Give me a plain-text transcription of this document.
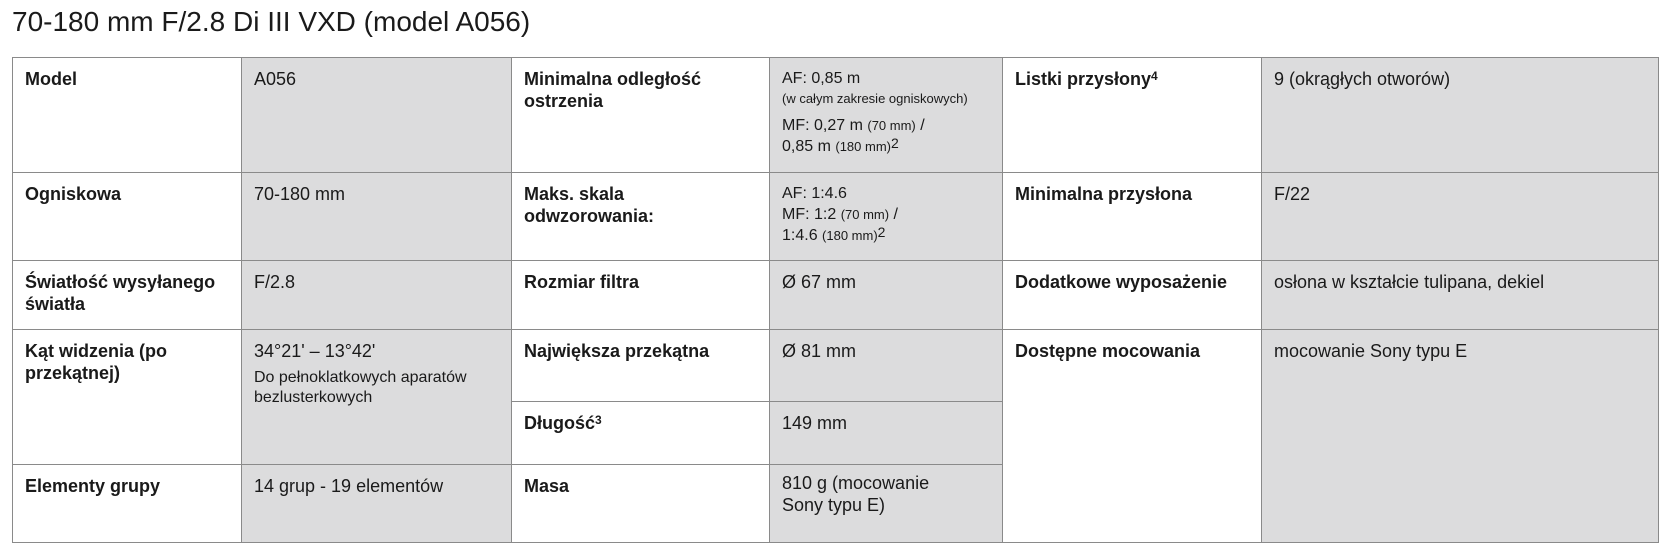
70-180 mm F/2.8 Di III VXD (model A056)
Model	A056	Minimalna odległość ostrzenia	AF: 0,85 m
(w całym zakresie ogniskowych)
MF: 0,27 m (70 mm) /
0,85 m (180 mm)2	Listki przysłony$^4$	9 (okrągłych otworów)
Ogniskowa	70-180 mm	Maks. skala odwzorowania:	AF: 1:4.6
MF: 1:2 (70 mm) /
1:4.6 (180 mm)2	Minimalna przysłona	F/22
Światłość wysyłanego światła	F/2.8	Rozmiar filtra	Ø 67 mm	Dodatkowe wyposażenie	osłona w kształcie tulipana, dekiel

Kąt widzenia (po przekątnej)	34°21' – 13°42'
Do pełnoklatkowych aparatów bezlusterkowych	Największa przekątna	Ø 81 mm	Dostępne mocowania	mocowanie Sony typu E
		Długość$^3$	149 mm		
Elementy grupy	14 grup - 19 elementów	Masa	810 g (mocowanie Sony typu E)		
